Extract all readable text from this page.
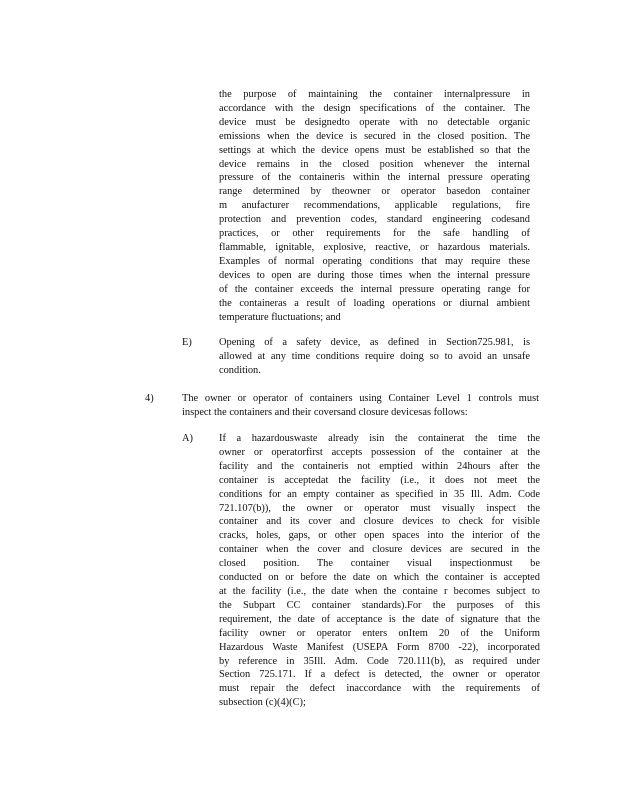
the purpose of maintaining the container internalpressure in
accordance with the design specifications of the container. The
device must be designedto operate with no detectable organic
emissions when the device is secured in the closed position. The
settings at which the device opens must be established so that the
device remains in the closed position whenever the internal
pressure of the containeris within the internal pressure operating
range determined by theowner or operator basedon container
m anufacturer recommendations, applicable regulations, fire
protection and prevention codes, standard engineering codesand
practices, or other requirements for the safe handling of
flammable, ignitable, explosive, reactive, or hazardous materials.
Examples of normal operating conditions that may require these
devices to open are during those times when the internal pressure
of the container exceeds the internal pressure operating range for
the containeras a result of loading operations or diurnal ambient
temperature fluctuations; and
E)	Opening of a safety device, as defined in Section725.981, is
allowed at any time conditions require doing so to avoid an unsafe
condition.
4)	The owner or operator of containers using Container Level 1 controls must
inspect the containers and their coversand closure devicesas follows:
A)	If a hazardouswaste already isin the containerat the time the
owner or operatorfirst accepts possession of the container at the
facility and the containeris not emptied within 24hours after the
container is acceptedat the facility (i.e., it does not meet the
conditions for an empty container as specified in 35 Ill. Adm. Code
721.107(b)), the owner or operator must visually inspect the
container and its cover and closure devices to check for visible
cracks, holes, gaps, or other open spaces into the interior of the
container when the cover and closure devices are secured in the
closed position. The container visual inspectionmust be
conducted on or before the date on which the container is accepted
at the facility (i.e., the date when the containe r becomes subject to
the Subpart CC container standards).For the purposes of this
requirement, the date of acceptance is the date of signature that the
facility owner or operator enters onItem 20 of the Uniform
Hazardous Waste Manifest (USEPA Form 8700 -22), incorporated
by reference in 35Ill. Adm. Code 720.111(b), as required under
Section 725.171. If a defect is detected, the owner or operator
must repair the defect inaccordance with the requirements of
subsection (c)(4)(C);
